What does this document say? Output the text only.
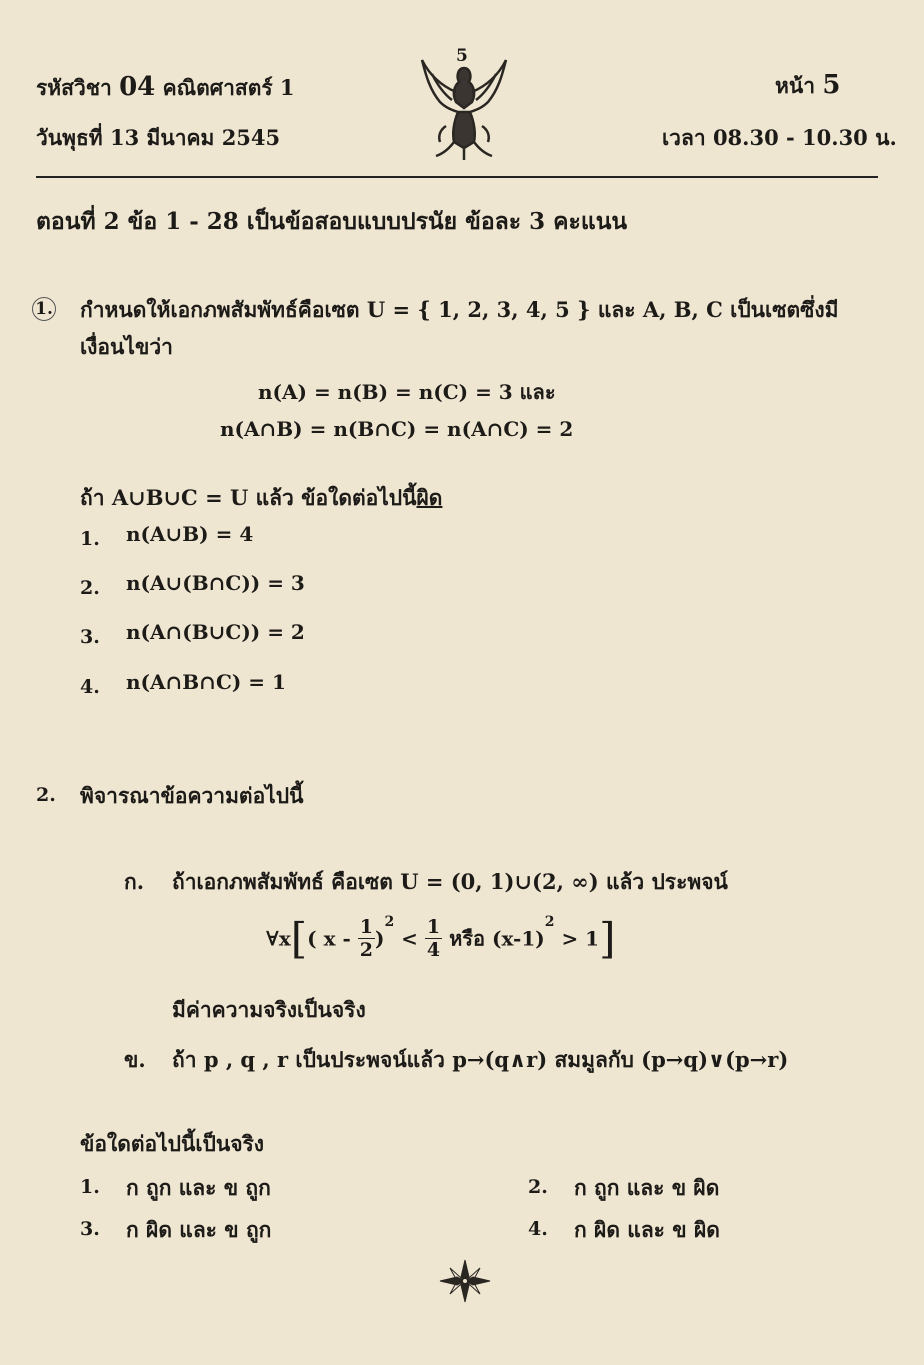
รหัสวิชา 04 คณิตศาสตร์ 1	หน้า 5
วันพุธที่ 13 มีนาคม 2545	เวลา 08.30 - 10.30 น.
5
ตอนที่ 2 ข้อ 1 - 28 เป็นข้อสอบแบบปรนัย ข้อละ 3 คะแนน
1. กำหนดให้เอกภพสัมพัทธ์คือเซต U = { 1, 2, 3, 4, 5 } และ A, B, C เป็นเซตซึ่งมี
เงื่อนไขว่า
n(A) = n(B) = n(C) = 3 และ
n(A∩B) = n(B∩C) = n(A∩C) = 2
ถ้า A∪B∪C = U แล้ว ข้อใดต่อไปนี้ผิด
1. n(A∪B) = 4
2. n(A∪(B∩C)) = 3
3. n(A∩(B∪C)) = 2
4. n(A∩B∩C) = 1
2. พิจารณาข้อความต่อไปนี้
ก. ถ้าเอกภพสัมพัทธ์ คือเซต U = (0, 1)∪(2, ∞) แล้ว ประพจน์
∀x[( $x - \frac{1}{2} )^2 < \frac{1}{4}$ หรือ $(x-1)^2 > 1$]
มีค่าความจริงเป็นจริง
ข. ถ้า p , q , r เป็นประพจน์แล้ว p→(q∧r) สมมูลกับ (p→q)∨(p→r)
ข้อใดต่อไปนี้เป็นจริง
1. ก ถูก และ ข ถูก	2. ก ถูก และ ข ผิด
3. ก ผิด และ ข ถูก	4. ก ผิด และ ข ผิด
